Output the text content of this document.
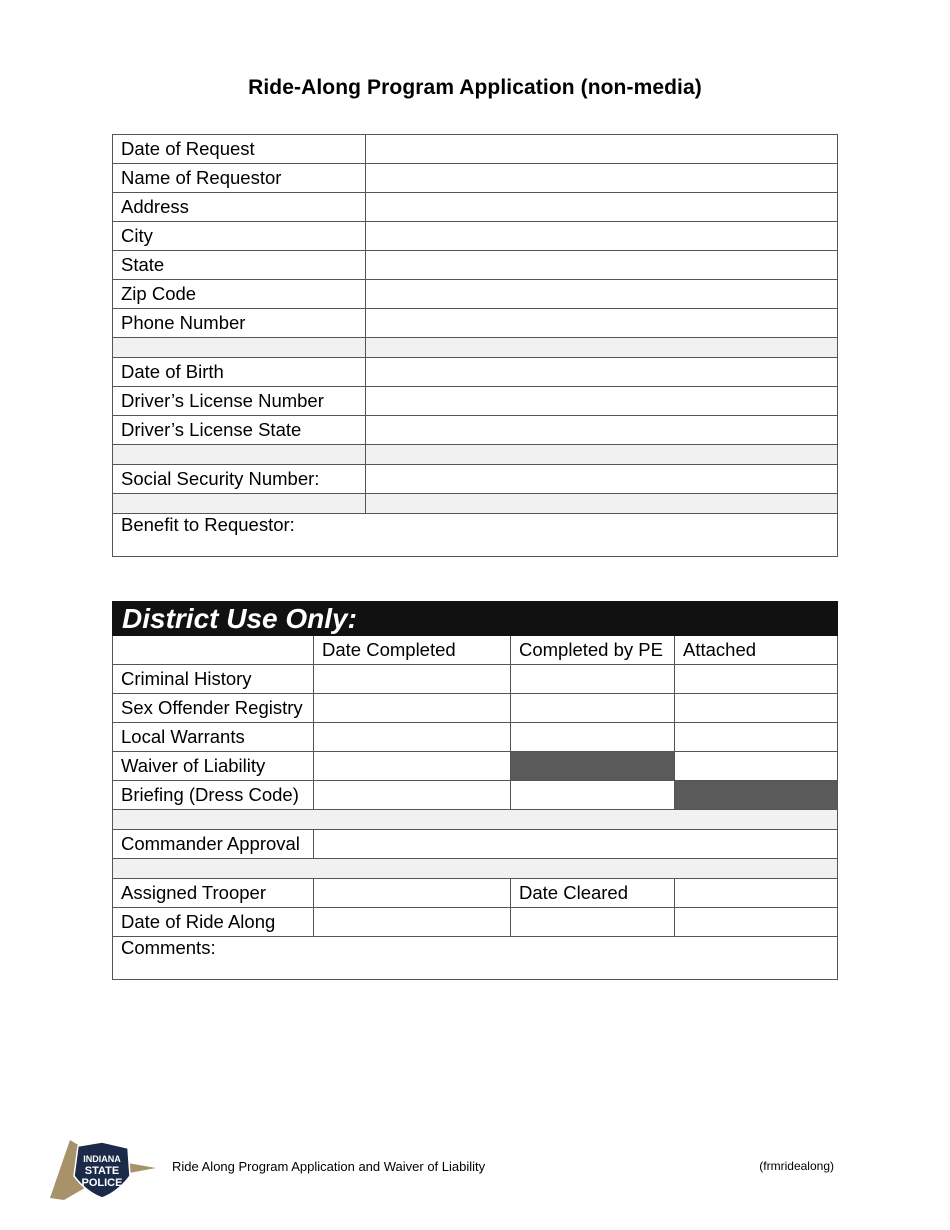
Ride-Along Program Application (non-media)
Date of Request	
Name of Requestor	
Address	
City	
State	
Zip Code	
Phone Number	

Date of Birth	
Driver’s License Number	
Driver’s License State	

Social Security Number:	

Benefit to Requestor:	
District Use Only:			
	Date Completed	Completed by PE	Attached
Criminal History			
Sex Offender Registry			
Local Warrants			
Waiver of Liability			
Briefing (Dress Code)			

Commander Approval			

Assigned Trooper		Date Cleared	
Date of Ride Along			
Comments:			
INDIANA
STATE
POLICE
Ride Along Program Application and Waiver of Liability	(frmridealong)
